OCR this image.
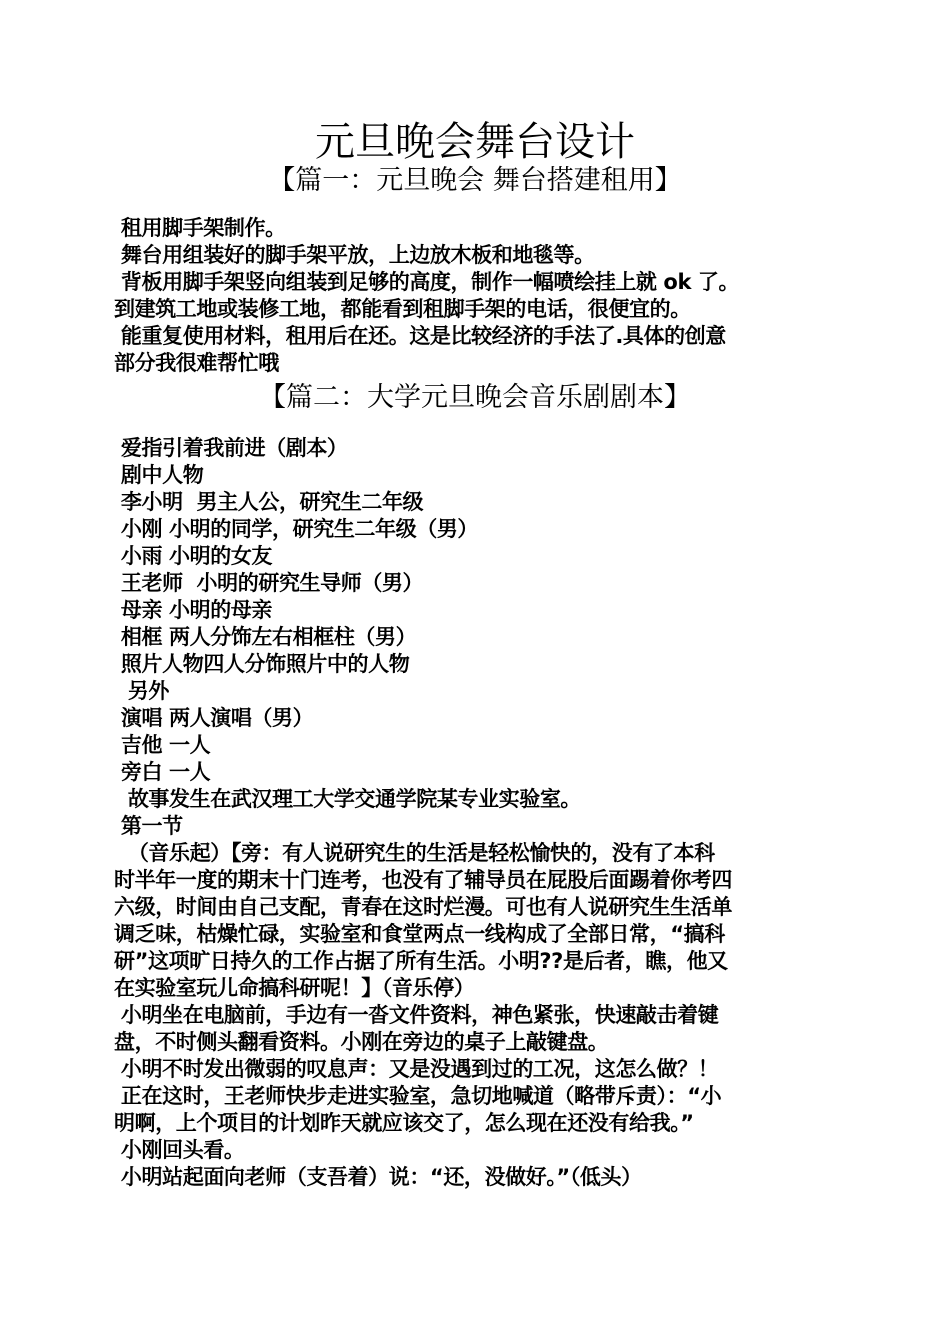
元旦晚会舞台设计
【篇一：元旦晚会 舞台搭建租用】

租用脚手架制作。

舞台用组装好的脚手架平放，上边放木板和地毯等。

背板用脚手架竖向组装到足够的高度，制作一幅喷绘挂上就 ok 了。

到建筑工地或装修工地，都能看到租脚手架的电话，很便宜的。

能重复使用材料，租用后在还。这是比较经济的手法了.具体的创意

部分我很难帮忙哦

【篇二：大学元旦晚会音乐剧剧本】

爱指引着我前进（剧本）

剧中人物

李小明  男主人公，研究生二年级

小刚 小明的同学，研究生二年级（男）

小雨 小明的女友

王老师  小明的研究生导师（男）

母亲 小明的母亲

相框 两人分饰左右相框柱（男）

照片人物四人分饰照片中的人物

另外

演唱 两人演唱（男）

吉他 一人

旁白 一人

故事发生在武汉理工大学交通学院某专业实验室。

第一节

（音乐起）【旁：有人说研究生的生活是轻松愉快的，没有了本科

时半年一度的期末十门连考，也没有了辅导员在屁股后面踢着你考四

六级，时间由自己支配，青春在这时烂漫。可也有人说研究生生活单

调乏味，枯燥忙碌，实验室和食堂两点一线构成了全部日常，“搞科

研”这项旷日持久的工作占据了所有生活。小明??是后者，瞧，他又

在实验室玩儿命搞科研呢！】（音乐停）

小明坐在电脑前，手边有一沓文件资料，神色紧张，快速敲击着键

盘，不时侧头翻看资料。小刚在旁边的桌子上敲键盘。

小明不时发出微弱的叹息声：又是没遇到过的工况，这怎么做？！

正在这时，王老师快步走进实验室，急切地喊道（略带斥责）：“小

明啊，上个项目的计划昨天就应该交了，怎么现在还没有给我。”

小刚回头看。

小明站起面向老师（支吾着）说：“还，没做好。”（低头）
